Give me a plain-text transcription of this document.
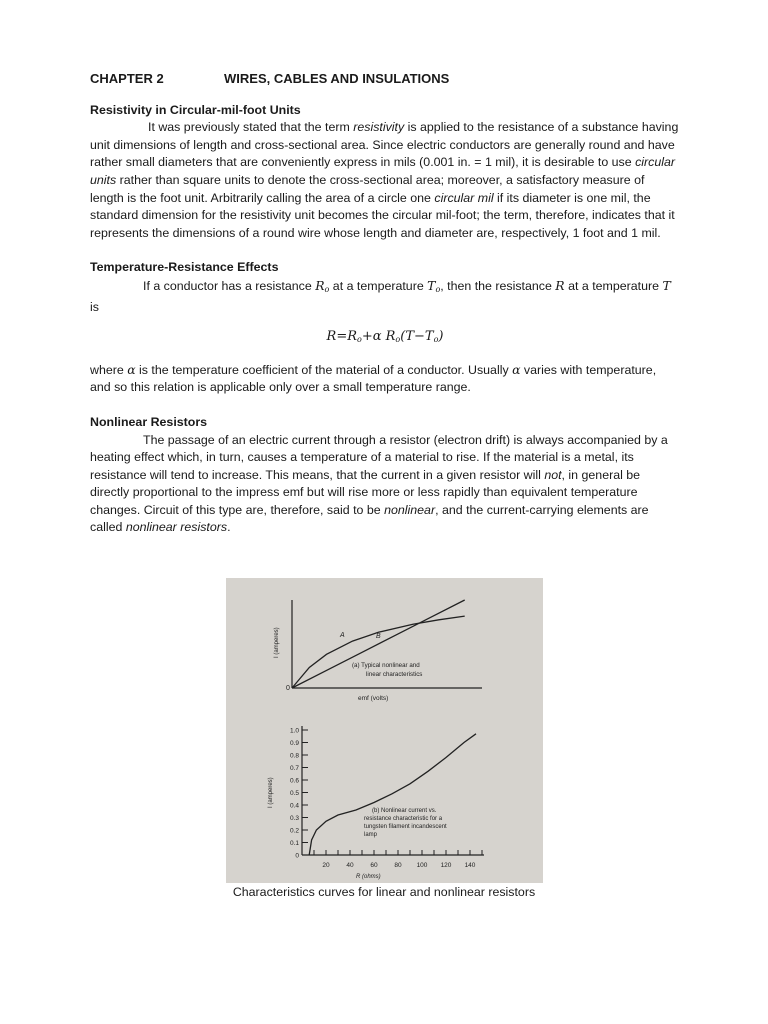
CHAPTER 2	WIRES, CABLES AND INSULATIONS

Resistivity in Circular-mil-foot Units

It was previously stated that the term resistivity is applied to the resistance of a substance having unit dimensions of length and cross-sectional area. Since electric conductors are generally round and have rather small diameters that are conveniently express in mils (0.001 in. = 1 mil), it is desirable to use circular units rather than square units to denote the cross-sectional area; moreover, a satisfactory measure of length is the foot unit. Arbitrarily calling the area of a circle one circular mil if its diameter is one mil, the standard dimension for the resistivity unit becomes the circular mil-foot; the term, therefore, indicates that it represents the dimensions of a round wire whose length and diameter are, respectively, 1 foot and 1 mil.

Temperature-Resistance Effects

If a conductor has a resistance $R_o$ at a temperature $T_o$, then the resistance R at a temperature T is

$R=R_o+\alpha$ $R_o(T-T_o)$

where α is the temperature coefficient of the material of a conductor. Usually α varies with temperature, and so this relation is applicable only over a small temperature range.

Nonlinear Resistors

The passage of an electric current through a resistor (electron drift) is always accompanied by a heating effect which, in turn, causes a temperature of a material to rise. If the material is a metal, its resistance will tend to increase. This means, that the current in a given resistor will not, in general be directly proportional to the impress emf but will rise more or less rapidly than equivalent temperature changes. Circuit of this type are, therefore, said to be nonlinear, and the current-carrying elements are called nonlinear resistors.

0
I (amperes)
emf (volts)
A	B
(a) Typical nonlinear and
linear characteristics
I (amperes)
R (ohms)
(b) Nonlinear current vs.
resistance characteristic for a
tungsten filament incandescent
lamp
0
0.1
0.2
0.3
0.4
0.5
0.6
0.7
0.8
0.9
1.0
20	40	60	80 100 120 140
Characteristics curves for linear and nonlinear resistors
